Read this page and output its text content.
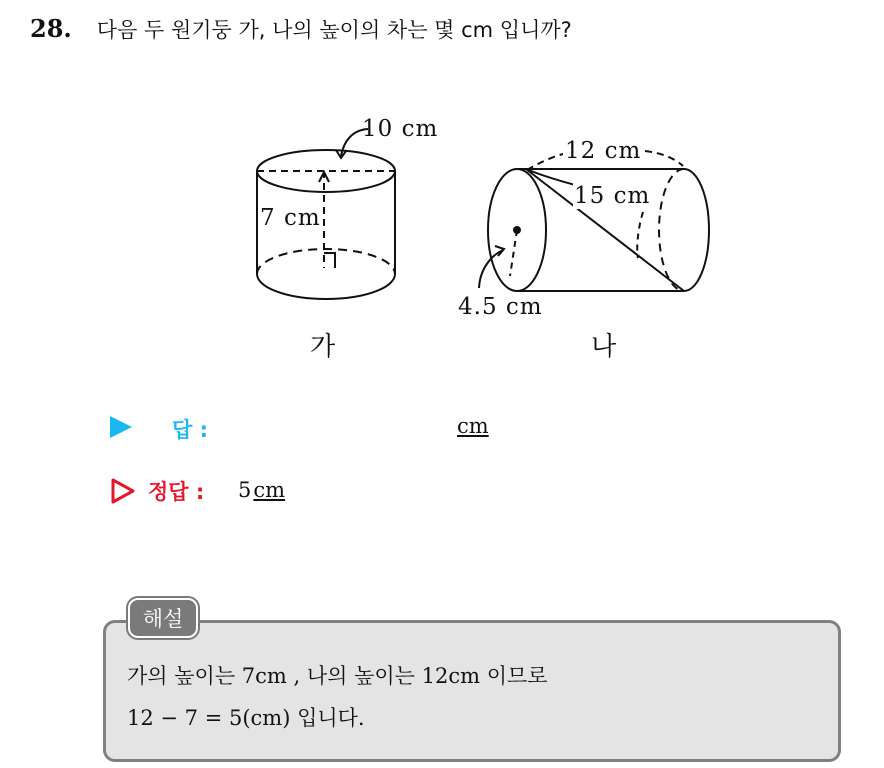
28. 다음 두 원기둥 가, 나의 높이의 차는 몇 cm 입니까?
10 cm
7 cm
가
12 cm
15 cm
4.5 cm
나
답 :	cm
정답 : 5cm
해설
가의 높이는 7cm , 나의 높이는 12cm 이므로
12 − 7 = 5(cm) 입니다.
